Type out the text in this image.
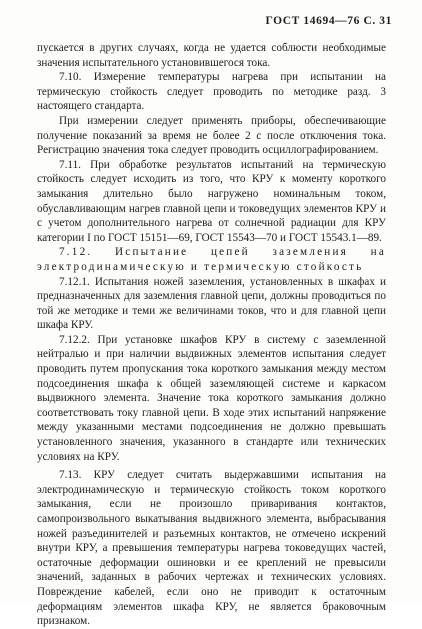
ГОСТ 14694—76 С. 31

пускается в других случаях, когда не удается соблюсти необходимые значения испытательного установившегося тока.

7.10. Измерение температуры нагрева при испытании на термическую стойкость следует проводить по методике разд. 3 настоящего стандарта.

При измерении следует применять приборы, обеспечивающие получение показаний за время не более 2 с после отключения тока. Регистрацию значения тока следует проводить осциллографированием.

7.11. При обработке результатов испытаний на термическую стойкость следует исходить из того, что КРУ к моменту короткого замыкания длительно было нагружено номинальным током, обуславливающим нагрев главной цепи и токоведущих элементов КРУ и с учетом дополнительного нагрева от солнечной радиации для КРУ категории I по ГОСТ 15151—69, ГОСТ 15543—70 и ГОСТ 15543.1—89.

7.12. Испытание цепей заземления на электродинамическую и термическую стойкость

7.12.1. Испытания ножей заземления, установленных в шкафах и предназначенных для заземления главной цепи, должны проводиться по той же методике и теми же величинами токов, что и для главной цепи шкафа КРУ.

7.12.2. При установке шкафов КРУ в систему с заземленной нейтралью и при наличии выдвижных элементов испытания следует проводить путем пропускания тока короткого замыкания между местом подсоединения шкафа к общей заземляющей системе и каркасом выдвижного элемента. Значение тока короткого замыкания должно соответствовать току главной цепи. В ходе этих испытаний напряжение между указанными местами подсоединения не должно превышать установленного значения, указанного в стандарте или технических условиях на КРУ.

7.13. КРУ следует считать выдержавшими испытания на электродинамическую и термическую стойкость током короткого замыкания, если не произошло приваривания контактов, самопроизвольного выкатывания выдвижного элемента, выбрасывания ножей разъединителей и разъемных контактов, не отмечено искрений внутри КРУ, а превышения температуры нагрева токоведущих частей, остаточные деформации ошиновки и ее креплений не превысили значений, заданных в рабочих чертежах и технических условиях. Повреждение кабелей, если оно не приводит к остаточным деформациям элементов шкафа КРУ, не является браковочным признаком.
